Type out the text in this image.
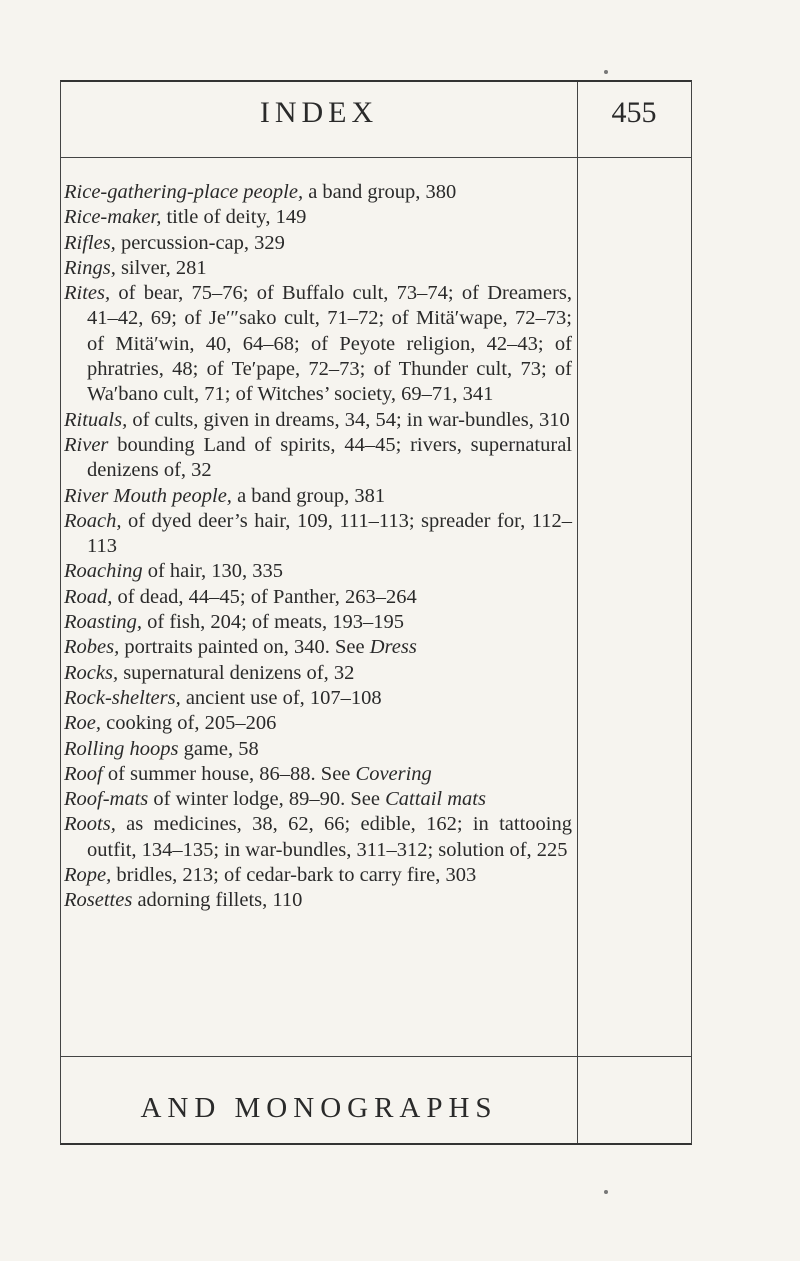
INDEX	455
AND MONOGRAPHS

Rice-gathering-place people, a band group, 380

Rice-maker, title of deity, 149

Rifles, percussion-cap, 329

Rings, silver, 281

Rites, of bear, 75–76; of Buffalo cult, 73–74; of Dreamers, 41–42, 69; of Je′″sako cult, 71–72; of Mitä′wape, 72–73; of Mitä′win, 40, 64–68; of Peyote religion, 42–43; of phratries, 48; of Te′pape, 72–73; of Thunder cult, 73; of Wa′bano cult, 71; of Witches’ society, 69–71, 341

Rituals, of cults, given in dreams, 34, 54; in war-bundles, 310

River bounding Land of spirits, 44–45; rivers, supernatural denizens of, 32

River Mouth people, a band group, 381

Roach, of dyed deer’s hair, 109, 111–113; spreader for, 112–113

Roaching of hair, 130, 335

Road, of dead, 44–45; of Panther, 263–264

Roasting, of fish, 204; of meats, 193–195

Robes, portraits painted on, 340. See Dress

Rocks, supernatural denizens of, 32

Rock-shelters, ancient use of, 107–108

Roe, cooking of, 205–206

Rolling hoops game, 58

Roof of summer house, 86–88. See Covering

Roof-mats of winter lodge, 89–90. See Cattail mats

Roots, as medicines, 38, 62, 66; edible, 162; in tattooing outfit, 134–135; in war-bundles, 311–312; solution of, 225

Rope, bridles, 213; of cedar-bark to carry fire, 303

Rosettes adorning fillets, 110
